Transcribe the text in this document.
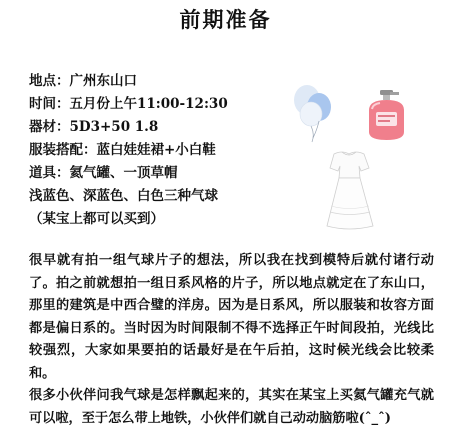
前期准备
地点：广州东山口
时间：五月份上午11:00-12:30
器材：5D3+50 1.8
服装搭配：蓝白娃娃裙+小白鞋
道具：氦气罐、一顶草帽
浅蓝色、深蓝色、白色三种气球
（某宝上都可以买到）

很早就有拍一组气球片子的想法，所以我在找到模特后就付诸行动了。拍之前就想拍一组日系风格的片子，所以地点就定在了东山口，那里的建筑是中西合璧的洋房。因为是日系风，所以服装和妆容方面都是偏日系的。当时因为时间限制不得不选择正午时间段拍，光线比较强烈，大家如果要拍的话最好是在午后拍，这时候光线会比较柔和。

很多小伙伴问我气球是怎样飘起来的，其实在某宝上买氦气罐充气就可以啦，至于怎么带上地铁，小伙伴们就自己动动脑筋啦(ˆ_ˆ)
